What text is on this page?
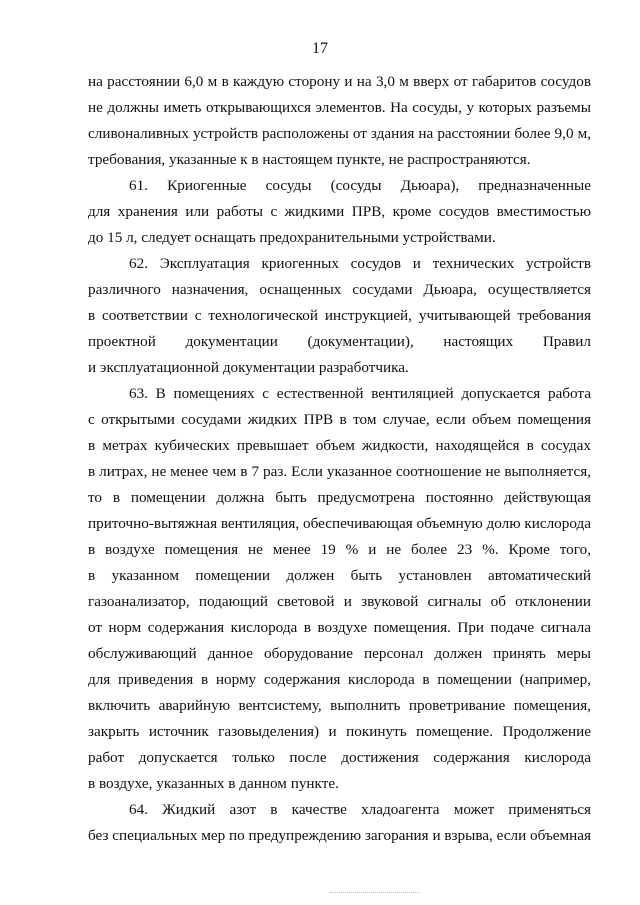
17
на расстоянии 6,0 м в каждую сторону и на 3,0 м вверх от габаритов сосудов
не должны иметь открывающихся элементов. На сосуды, у которых разъемы
сливоналивных устройств расположены от здания на расстоянии более 9,0 м,
требования, указанные к в настоящем пункте, не распространяются.
61. Криогенные сосуды (сосуды Дьюара), предназначенные
для хранения или работы с жидкими ПРВ, кроме сосудов вместимостью
до 15 л, следует оснащать предохранительными устройствами.
62. Эксплуатация криогенных сосудов и технических устройств
различного назначения, оснащенных сосудами Дьюара, осуществляется
в соответствии с технологической инструкцией, учитывающей требования
проектной документации (документации), настоящих Правил
и эксплуатационной документации разработчика.
63. В помещениях с естественной вентиляцией допускается работа
с открытыми сосудами жидких ПРВ в том случае, если объем помещения
в метрах кубических превышает объем жидкости, находящейся в сосудах
в литрах, не менее чем в 7 раз. Если указанное соотношение не выполняется,
то в помещении должна быть предусмотрена постоянно действующая
приточно-вытяжная вентиляция, обеспечивающая объемную долю кислорода
в воздухе помещения не менее 19 % и не более 23 %. Кроме того,
в указанном помещении должен быть установлен автоматический
газоанализатор, подающий световой и звуковой сигналы об отклонении
от норм содержания кислорода в воздухе помещения. При подаче сигнала
обслуживающий данное оборудование персонал должен принять меры
для приведения в норму содержания кислорода в помещении (например,
включить аварийную вентсистему, выполнить проветривание помещения,
закрыть источник газовыделения) и покинуть помещение. Продолжение
работ допускается только после достижения содержания кислорода
в воздухе, указанных в данном пункте.
64. Жидкий азот в качестве хладоагента может применяться
без специальных мер по предупреждению загорания и взрыва, если объемная
